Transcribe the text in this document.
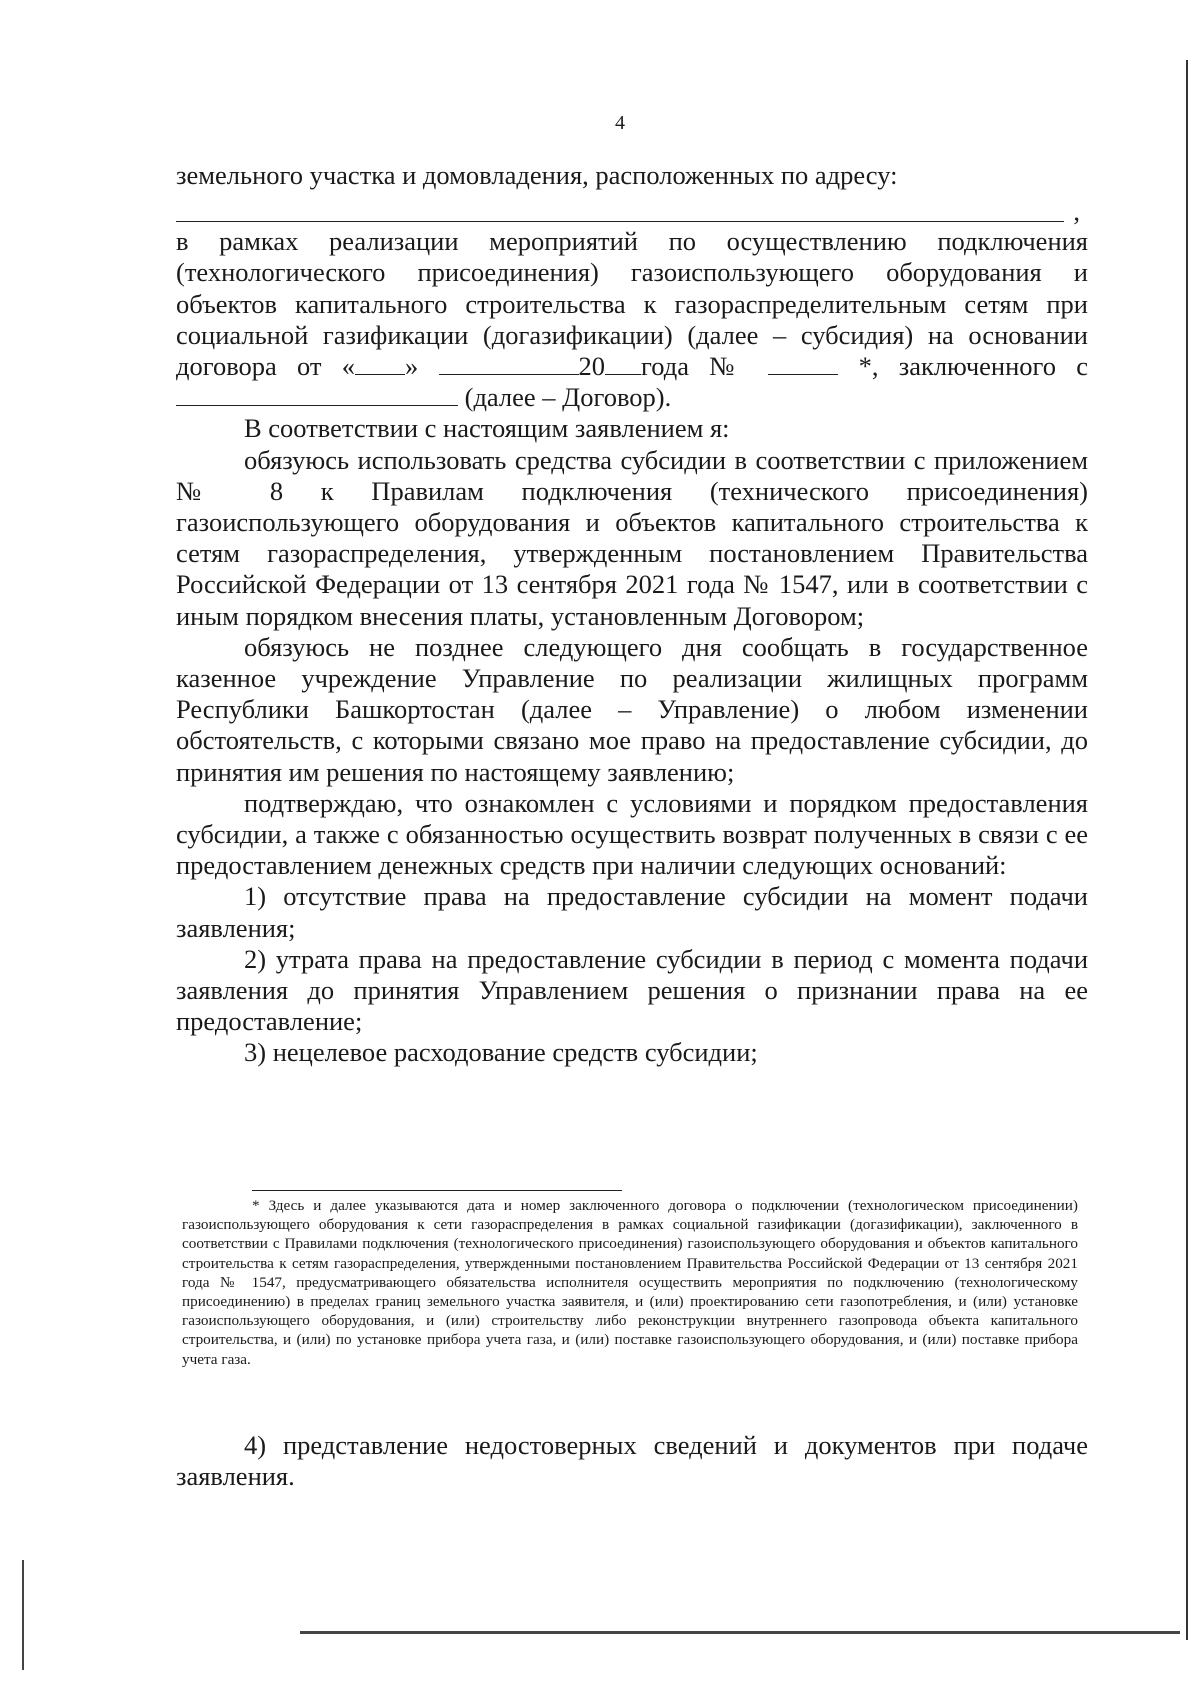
4

земельного участка и домовладения, расположенных по адресу:

,

в рамках реализации мероприятий по осуществлению подключения (технологического присоединения) газоиспользующего оборудования и объектов капитального строительства к газораспределительным сетям при социальной газификации (догазификации) (далее – субсидия) на основании договора от « »	20 года №	*, заключенного с  (далее – Договор).

В соответствии с настоящим заявлением я:

обязуюсь использовать средства субсидии в соответствии с приложением № 8 к Правилам подключения (технического присоединения) газоиспользующего оборудования и объектов капитального строительства к сетям газораспределения, утвержденным постановлением Правительства Российской Федерации от 13 сентября 2021 года № 1547, или в соответствии с иным порядком внесения платы, установленным Договором;

обязуюсь не позднее следующего дня сообщать в государственное казенное учреждение Управление по реализации жилищных программ Республики Башкортостан (далее – Управление) о любом изменении обстоятельств, с которыми связано мое право на предоставление субсидии, до принятия им решения по настоящему заявлению;

подтверждаю, что ознакомлен с условиями и порядком предоставления субсидии, а также с обязанностью осуществить возврат полученных в связи с ее предоставлением денежных средств при наличии следующих оснований:

1) отсутствие права на предоставление субсидии на момент подачи заявления;

2) утрата права на предоставление субсидии в период с момента подачи заявления до принятия Управлением решения о признании права на ее предоставление;

3) нецелевое расходование средств субсидии;

* Здесь и далее указываются дата и номер заключенного договора о подключении (технологическом присоединении) газоиспользующего оборудования к сети газораспределения в рамках социальной газификации (догазификации), заключенного в соответствии с Правилами подключения (технологического присоединения) газоиспользующего оборудования и объектов капитального строительства к сетям газораспределения, утвержденными постановлением Правительства Российской Федерации от 13 сентября 2021 года № 1547, предусматривающего обязательства исполнителя осуществить мероприятия по подключению (технологическому присоединению) в пределах границ земельного участка заявителя, и (или) проектированию сети газопотребления, и (или) установке газоиспользующего оборудования, и (или) строительству либо реконструкции внутреннего газопровода объекта капитального строительства, и (или) по установке прибора учета газа, и (или) поставке газоиспользующего оборудования, и (или) поставке прибора учета газа.

4) представление недостоверных сведений и документов при подаче заявления.
